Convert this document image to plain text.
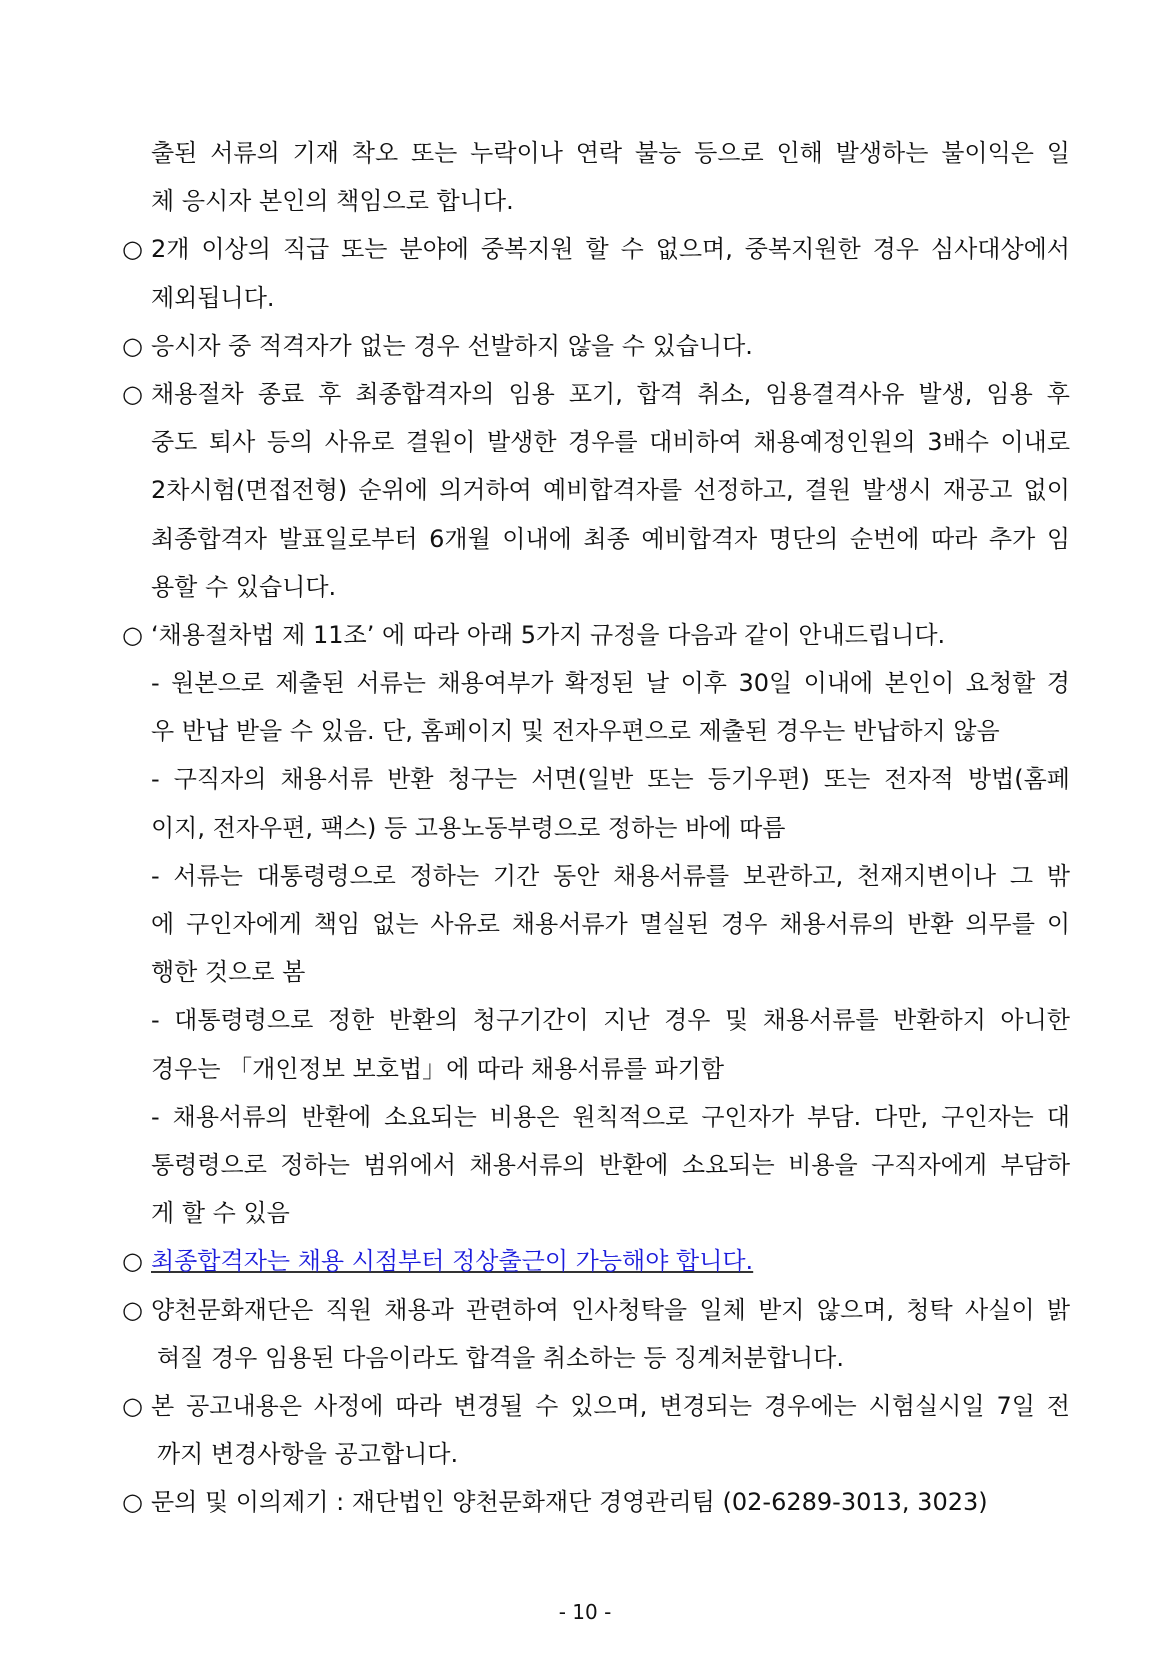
출된 서류의 기재 착오 또는 누락이나 연락 불능 등으로 인해 발생하는 불이익은 일
체 응시자 본인의 책임으로 합니다.
○ 2개 이상의 직급 또는 분야에 중복지원 할 수 없으며, 중복지원한 경우 심사대상에서
제외됩니다.
○ 응시자 중 적격자가 없는 경우 선발하지 않을 수 있습니다.
○ 채용절차 종료 후 최종합격자의 임용 포기, 합격 취소, 임용결격사유 발생, 임용 후
중도 퇴사 등의 사유로 결원이 발생한 경우를 대비하여 채용예정인원의 3배수 이내로
2차시험(면접전형) 순위에 의거하여 예비합격자를 선정하고, 결원 발생시 재공고 없이
최종합격자 발표일로부터 6개월 이내에 최종 예비합격자 명단의 순번에 따라 추가 임
용할 수 있습니다.
○ ‘채용절차법 제 11조’ 에 따라 아래 5가지 규정을 다음과 같이 안내드립니다.
- 원본으로 제출된 서류는 채용여부가 확정된 날 이후 30일 이내에 본인이 요청할 경
우 반납 받을 수 있음. 단, 홈페이지 및 전자우편으로 제출된 경우는 반납하지 않음
- 구직자의 채용서류 반환 청구는 서면(일반 또는 등기우편) 또는 전자적 방법(홈페
이지, 전자우편, 팩스) 등 고용노동부령으로 정하는 바에 따름
- 서류는 대통령령으로 정하는 기간 동안 채용서류를 보관하고, 천재지변이나 그 밖
에 구인자에게 책임 없는 사유로 채용서류가 멸실된 경우 채용서류의 반환 의무를 이
행한 것으로 봄
- 대통령령으로 정한 반환의 청구기간이 지난 경우 및 채용서류를 반환하지 아니한
경우는 「개인정보 보호법」에 따라 채용서류를 파기함
- 채용서류의 반환에 소요되는 비용은 원칙적으로 구인자가 부담. 다만, 구인자는 대
통령령으로 정하는 범위에서 채용서류의 반환에 소요되는 비용을 구직자에게 부담하
게 할 수 있음
○ 최종합격자는 채용 시점부터 정상출근이 가능해야 합니다.
○ 양천문화재단은 직원 채용과 관련하여 인사청탁을 일체 받지 않으며, 청탁 사실이 밝
혀질 경우 임용된 다음이라도 합격을 취소하는 등 징계처분합니다.
○ 본 공고내용은 사정에 따라 변경될 수 있으며, 변경되는 경우에는 시험실시일 7일 전
까지 변경사항을 공고합니다.
○ 문의 및 이의제기 : 재단법인 양천문화재단 경영관리팀 (02-6289-3013, 3023)
- 10 -
